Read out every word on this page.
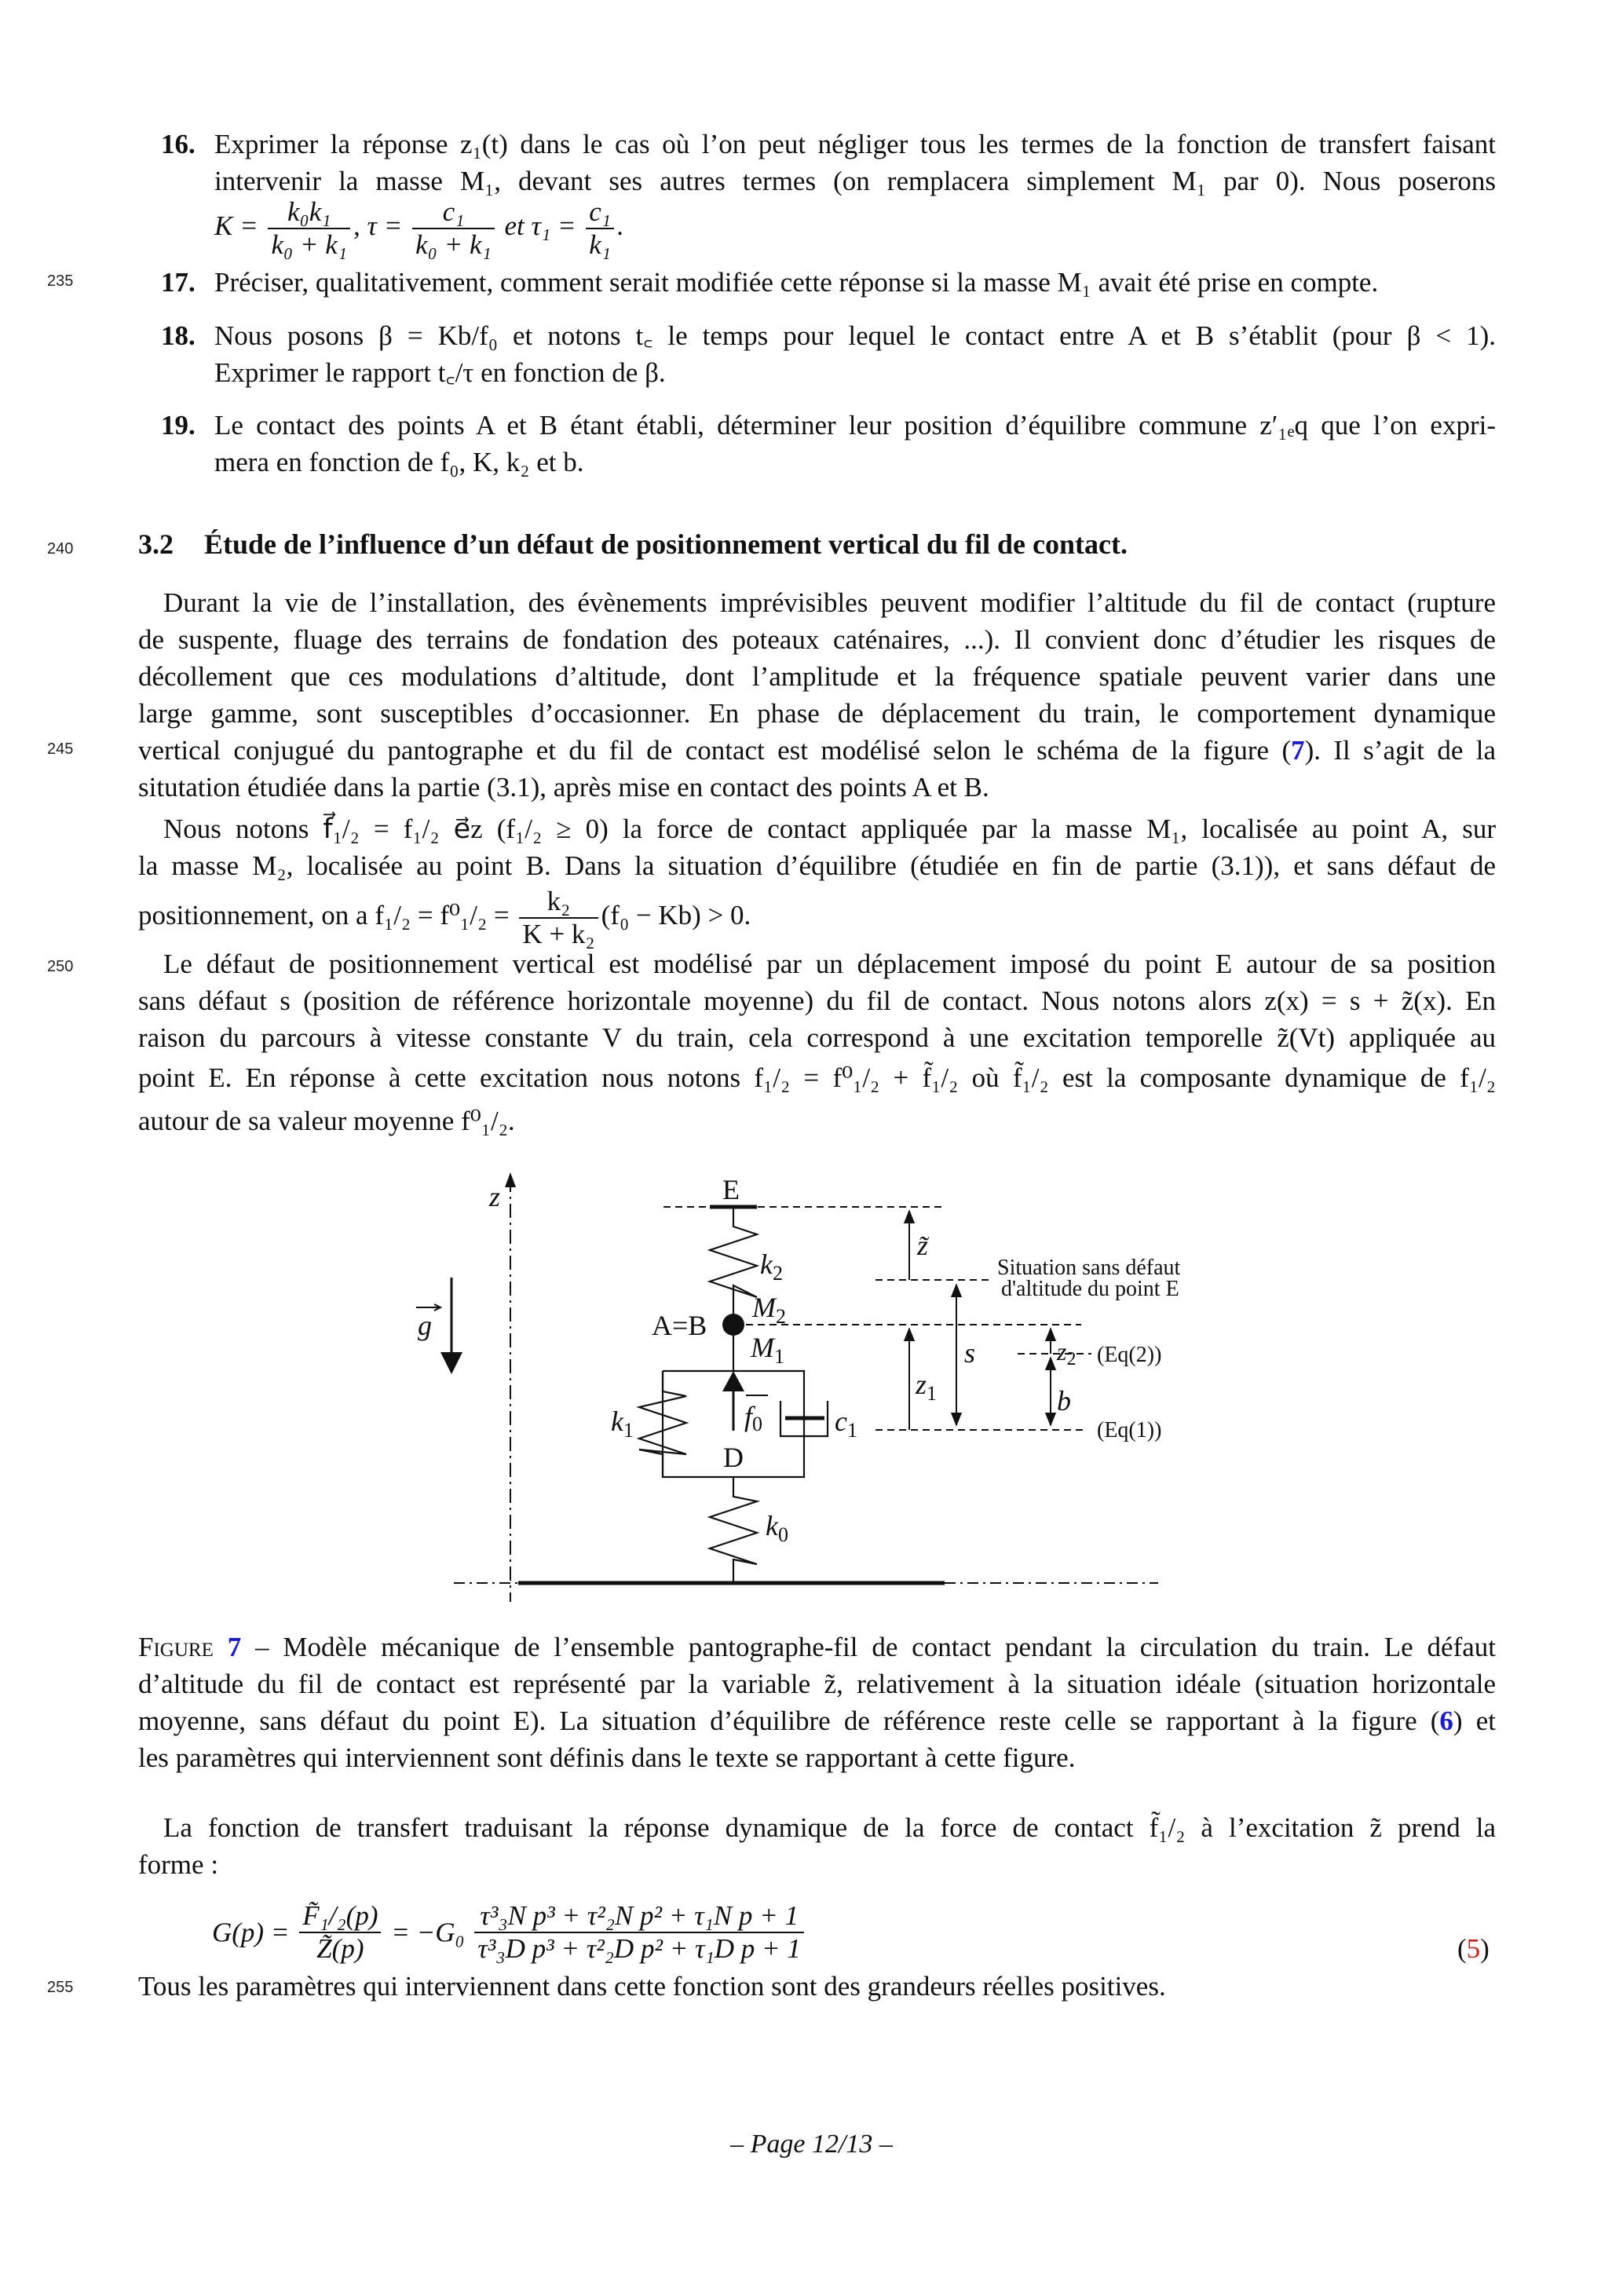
235
240
245
250
255
16. Exprimer la réponse z₁(t) dans le cas où l’on peut négliger tous les termes de la fonction de transfert faisant
intervenir la masse M₁, devant ses autres termes (on remplacera simplement M₁ par 0). Nous poserons
$K = \frac{\text{k₀k₁}}{\text{k₀ + k₁}}$ , $\tau = \frac{\text{c₁}}{\text{k₀ + k₁}}$ et $\tau_1 = \frac{\text{c₁}}{\text{k₁}}$ .
17. Préciser, qualitativement, comment serait modifiée cette réponse si la masse M₁ avait été prise en compte.
18. Nous posons β = Kb/f₀ et notons t꜀ le temps pour lequel le contact entre A et B s’établit (pour β < 1).
Exprimer le rapport t꜀/τ en fonction de β.
19. Le contact des points A et B étant établi, déterminer leur position d’équilibre commune z′₁ₑq que l’on expri-
mera en fonction de f₀, K, k₂ et b.
3.2 Étude de l’influence d’un défaut de positionnement vertical du fil de contact.
Durant la vie de l’installation, des évènements imprévisibles peuvent modifier l’altitude du fil de contact (rupture
de suspente, fluage des terrains de fondation des poteaux caténaires, ...). Il convient donc d’étudier les risques de
décollement que ces modulations d’altitude, dont l’amplitude et la fréquence spatiale peuvent varier dans une
large gamme, sont susceptibles d’occasionner. En phase de déplacement du train, le comportement dynamique
vertical conjugué du pantographe et du fil de contact est modélisé selon le schéma de la figure (7). Il s’agit de la
situtation étudiée dans la partie (3.1), après mise en contact des points A et B.
Nous notons f⃗₁/₂ = f₁/₂ e⃗z (f₁/₂ ≥ 0) la force de contact appliquée par la masse M₁, localisée au point A, sur
la masse M₂, localisée au point B. Dans la situation d’équilibre (étudiée en fin de partie (3.1)), et sans défaut de
positionnement, on a $f_1/_2 = f^0_1/_2 = \frac{\text{k₂}}{\text{K + k₂}} (f_0 - Kb) > 0$.
Le défaut de positionnement vertical est modélisé par un déplacement imposé du point E autour de sa position
sans défaut s (position de référence horizontale moyenne) du fil de contact. Nous notons alors z(x) = s + z̃(x). En
raison du parcours à vitesse constante V du train, cela correspond à une excitation temporelle z̃(Vt) appliquée au
point E. En réponse à cette excitation nous notons f₁/₂ = f⁰₁/₂ + f̃₁/₂ où f̃₁/₂ est la composante dynamique de f₁/₂
autour de sa valeur moyenne f⁰₁/₂.
z
g
E
$k_2$
$M_2$
A=B
$M_1$
$k_1$	f0	$c_1$
D
$k_0$
z̃
$z_1$
s	z2
b
Situation sans défaut
d'altitude du point E
(Eq(2))
(Eq(1))
Figure 7 – Modèle mécanique de l’ensemble pantographe-fil de contact pendant la circulation du train. Le défaut
d’altitude du fil de contact est représenté par la variable z̃, relativement à la situation idéale (situation horizontale
moyenne, sans défaut du point E). La situation d’équilibre de référence reste celle se rapportant à la figure (6) et
les paramètres qui interviennent sont définis dans le texte se rapportant à cette figure.
La fonction de transfert traduisant la réponse dynamique de la force de contact f̃₁/₂ à l’excitation z̃ prend la
forme :
$G(p) = \frac{\text{F̃₁/₂(p)}}{Z̃(p)} = -G_0 \frac{\text{τ³₃N p³ + τ²₂N p² + τ₁N p + 1}}{\text{τ³₃D p³ + τ²₂D p² + τ₁D p + 1}}$	(5)
Tous les paramètres qui interviennent dans cette fonction sont des grandeurs réelles positives.
– Page 12/13 –
